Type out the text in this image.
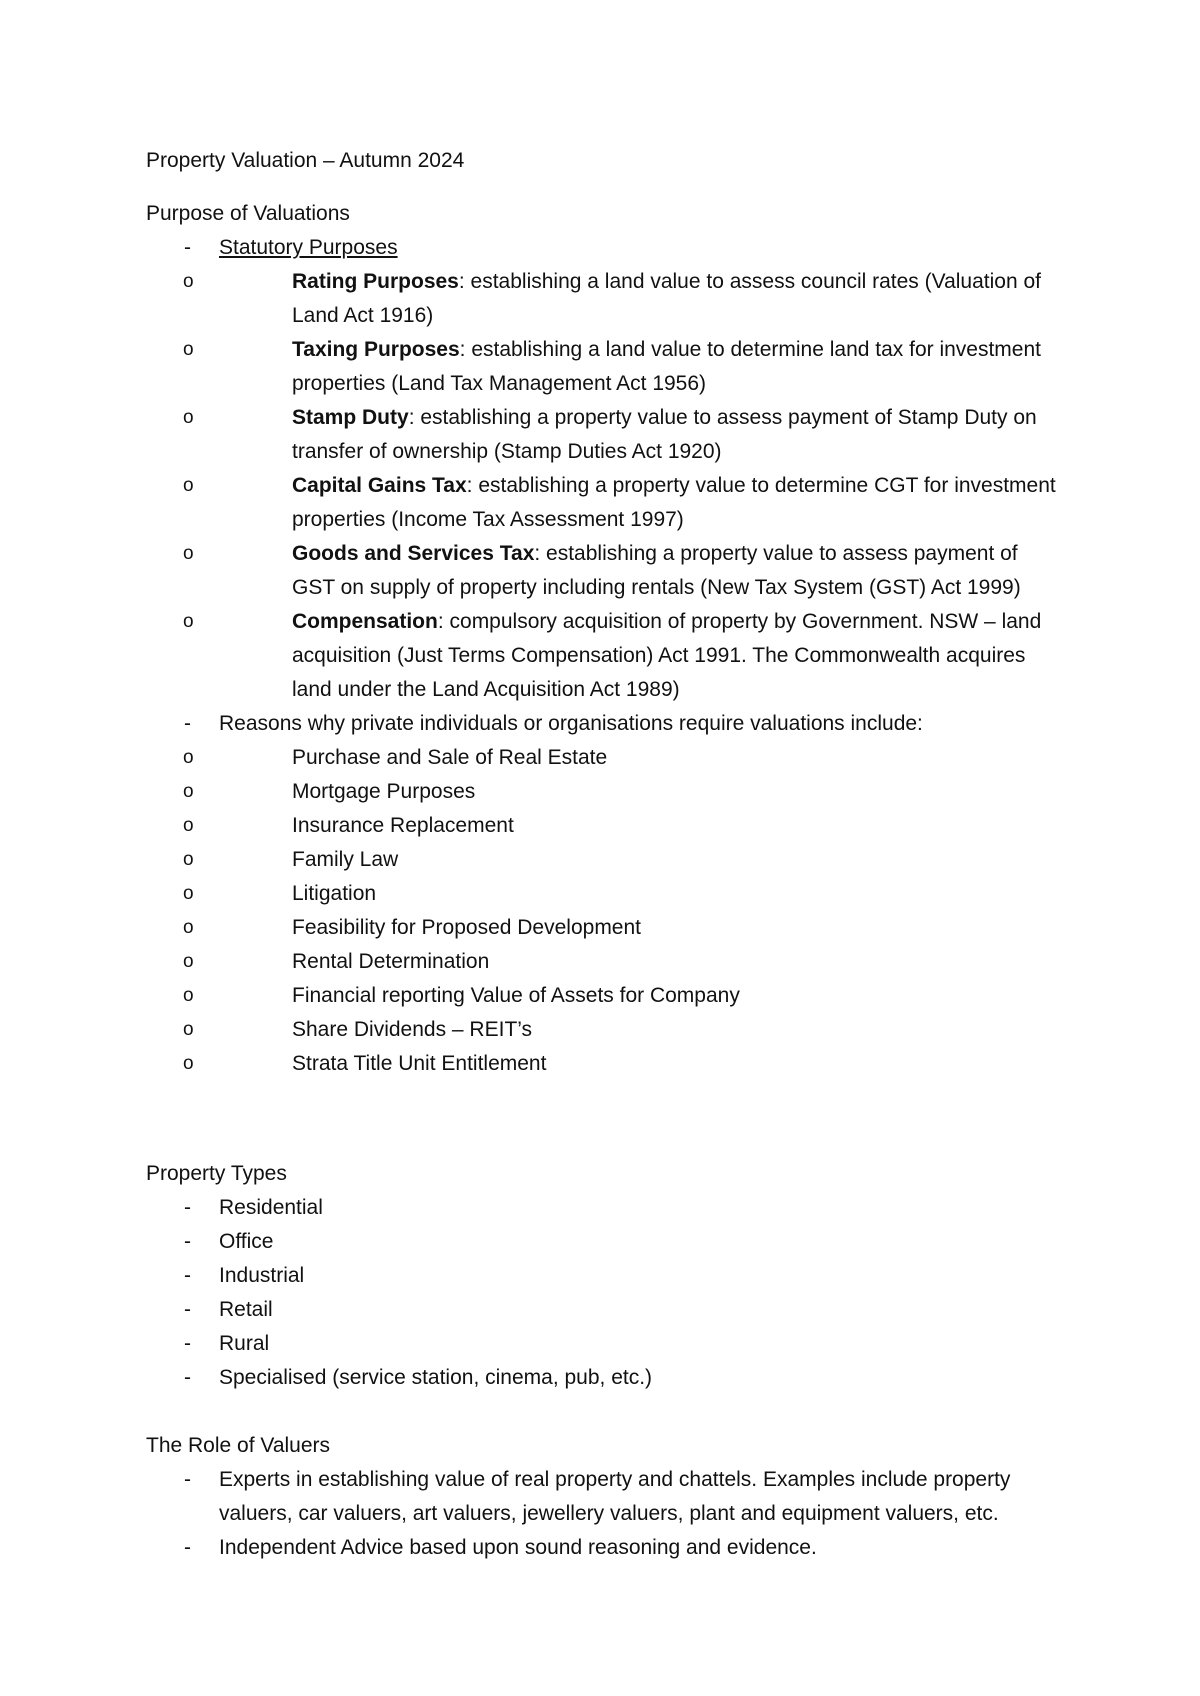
Property Valuation – Autumn 2024
Purpose of Valuations
- Statutory Purposes
o	Rating Purposes: establishing a land value to assess council rates (Valuation of Land Act 1916)
o	Taxing Purposes: establishing a land value to determine land tax for investment properties (Land Tax Management Act 1956)
o	Stamp Duty: establishing a property value to assess payment of Stamp Duty on transfer of ownership (Stamp Duties Act 1920)
o	Capital Gains Tax: establishing a property value to determine CGT for investment properties (Income Tax Assessment 1997)
o	Goods and Services Tax: establishing a property value to assess payment of GST on supply of property including rentals (New Tax System (GST) Act 1999)
o	Compensation: compulsory acquisition of property by Government. NSW – land acquisition (Just Terms Compensation) Act 1991. The Commonwealth acquires land under the Land Acquisition Act 1989)
- Reasons why private individuals or organisations require valuations include:
o	Purchase and Sale of Real Estate
o	Mortgage Purposes
o	Insurance Replacement
o	Family Law
o	Litigation
o	Feasibility for Proposed Development
o	Rental Determination
o	Financial reporting Value of Assets for Company
o	Share Dividends – REIT’s
o	Strata Title Unit Entitlement
Property Types
- Residential
- Office
- Industrial
- Retail
- Rural
- Specialised (service station, cinema, pub, etc.)
The Role of Valuers
- Experts in establishing value of real property and chattels. Examples include property valuers, car valuers, art valuers, jewellery valuers, plant and equipment valuers, etc.
- Independent Advice based upon sound reasoning and evidence.
